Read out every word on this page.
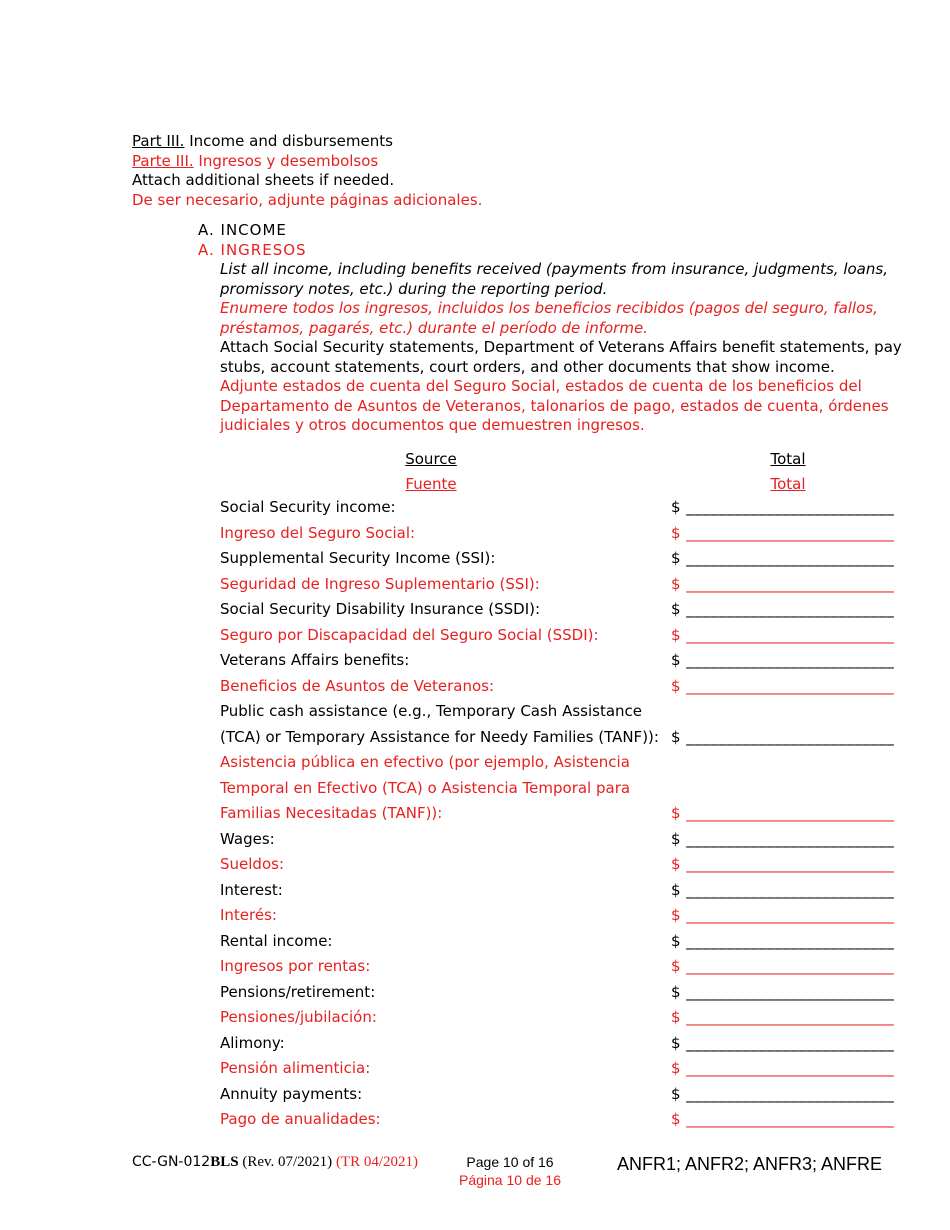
Part III. Income and disbursements
Parte III. Ingresos y desembolsos
Attach additional sheets if needed.
De ser necesario, adjunte páginas adicionales.
A. INCOME
A. INGRESOS

List all income, including benefits received (payments from insurance, judgments, loans, promissory notes, etc.) during the reporting period.

Enumere todos los ingresos, incluidos los beneficios recibidos (pagos del seguro, fallos, préstamos, pagarés, etc.) durante el período de informe.

Attach Social Security statements, Department of Veterans Affairs benefit statements, pay stubs, account statements, court orders, and other documents that show income.

Adjunte estados de cuenta del Seguro Social, estados de cuenta de los beneficios del Departamento de Asuntos de Veteranos, talonarios de pago, estados de cuenta, órdenes judiciales y otros documentos que demuestren ingresos.

Source
Fuente
Total
Total
Social Security income:	$ __________________________
Ingreso del Seguro Social:	$ __________________________
Supplemental Security Income (SSI):	$ __________________________
Seguridad de Ingreso Suplementario (SSI):	$ __________________________
Social Security Disability Insurance (SSDI):	$ __________________________
Seguro por Discapacidad del Seguro Social (SSDI):	$ __________________________
Veterans Affairs benefits:	$ __________________________
Beneficios de Asuntos de Veteranos:	$ __________________________
Public cash assistance (e.g., Temporary Cash Assistance
(TCA) or Temporary Assistance for Needy Families (TANF)): $ __________________________
Asistencia pública en efectivo (por ejemplo, Asistencia
Temporal en Efectivo (TCA) o Asistencia Temporal para
Familias Necesitadas (TANF)):	$ __________________________
Wages:	$ __________________________
Sueldos:	$ __________________________
Interest:	$ __________________________
Interés:	$ __________________________
Rental income:	$ __________________________
Ingresos por rentas:	$ __________________________
Pensions/retirement:	$ __________________________
Pensiones/jubilación:	$ __________________________
Alimony:	$ __________________________
Pensión alimenticia:	$ __________________________
Annuity payments:	$ __________________________
Pago de anualidades:	$ __________________________
CC-GN-012BLS (Rev. 07/2021) (TR 04/2021)	Page 10 of 16
Página 10 de 16
ANFR1; ANFR2; ANFR3; ANFRE
